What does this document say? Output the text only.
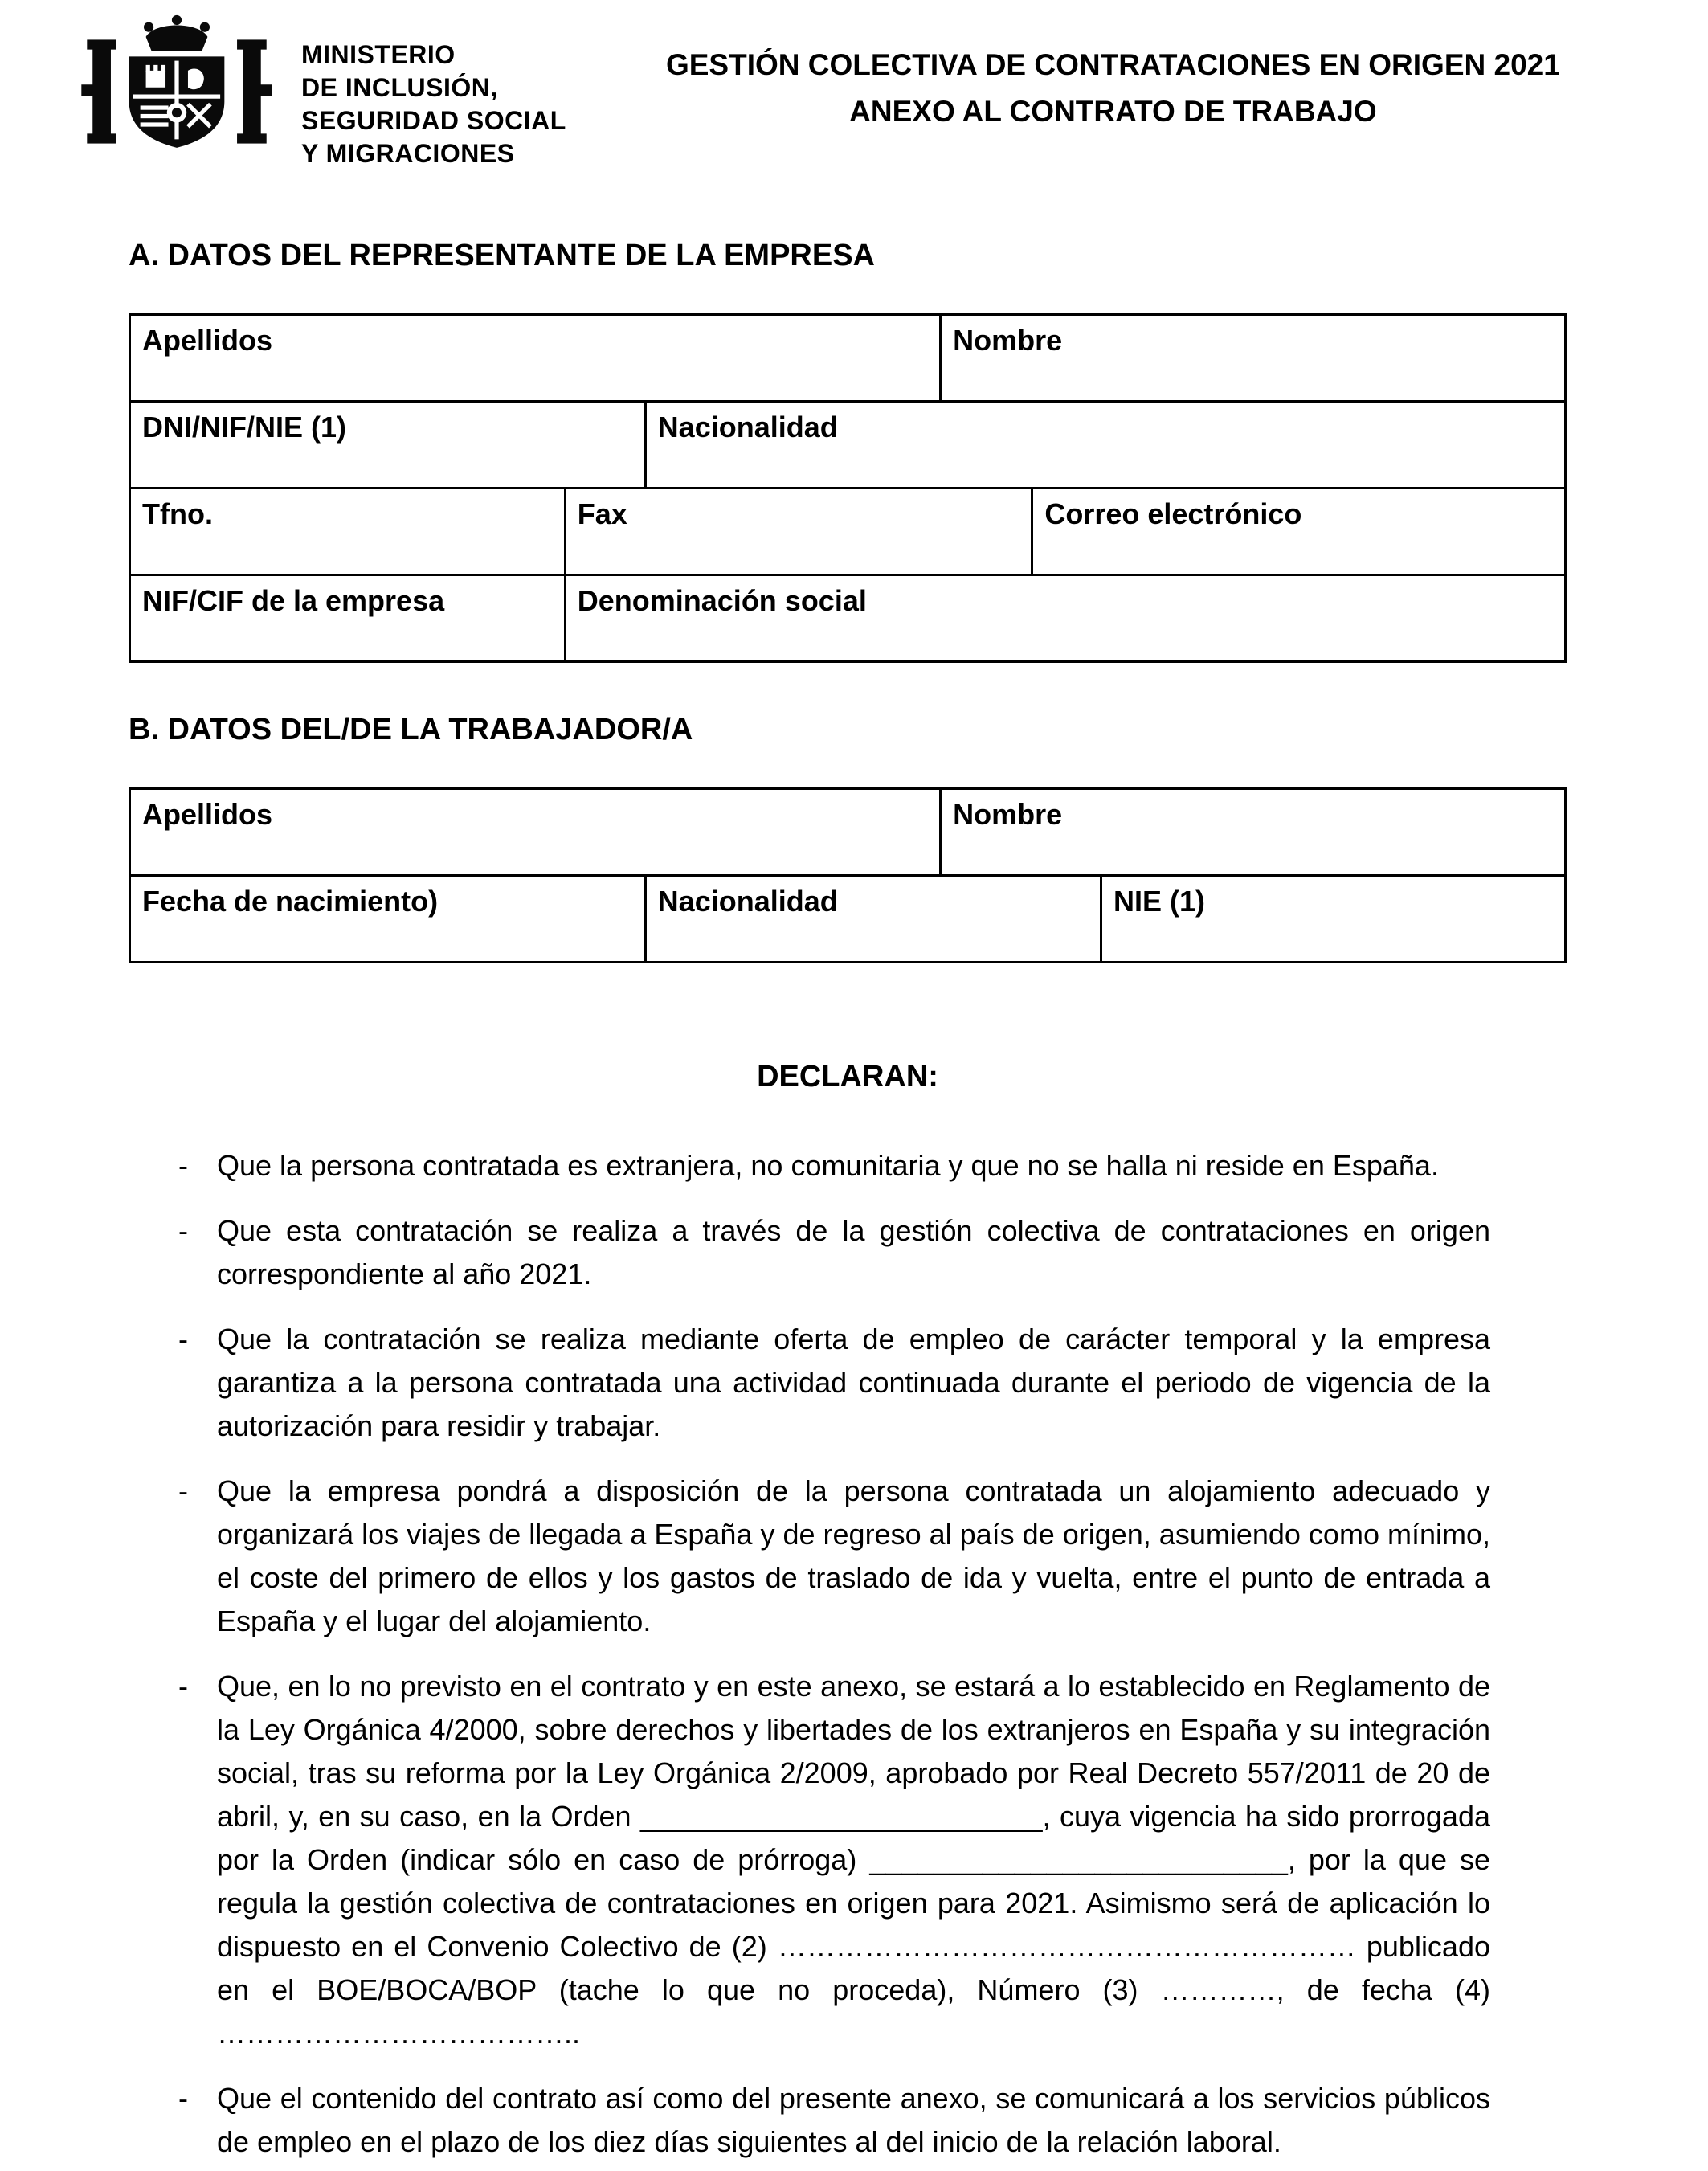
MINISTERIO
DE INCLUSIÓN,
SEGURIDAD SOCIAL
Y MIGRACIONES
GESTIÓN COLECTIVA DE CONTRATACIONES EN ORIGEN 2021
ANEXO AL CONTRATO DE TRABAJO
A. DATOS DEL REPRESENTANTE DE LA EMPRESA
Apellidos	Nombre
DNI/NIF/NIE (1)	Nacionalidad
Tfno.	Fax	Correo electrónico
NIF/CIF de la empresa	Denominación social
B. DATOS DEL/DE LA TRABAJADOR/A
Apellidos	Nombre
Fecha de nacimiento)	Nacionalidad	NIE (1)
DECLARAN:
-	Que la persona contratada es extranjera, no comunitaria y que no se halla ni reside en España.

-	Que esta contratación se realiza a través de la gestión colectiva de contrataciones en origen correspondiente al año 2021.

-	Que la contratación se realiza mediante oferta de empleo de carácter temporal y la empresa garantiza a la persona contratada una actividad continuada durante el periodo de vigencia de la autorización para residir y trabajar.

-	Que la empresa pondrá a disposición de la persona contratada un alojamiento adecuado y organizará los viajes de llegada a España y de regreso al país de origen, asumiendo como mínimo, el coste del primero de ellos y los gastos de traslado de ida y vuelta, entre el punto de entrada a España y el lugar del alojamiento.

-	Que, en lo no previsto en el contrato y en este anexo, se estará a lo establecido en Reglamento de la Ley Orgánica 4/2000, sobre derechos y libertades de los extranjeros en España y su integración social, tras su reforma por la Ley Orgánica 2/2009, aprobado por Real Decreto 557/2011 de 20 de abril, y, en su caso, en la Orden _________________________, cuya vigencia ha sido prorrogada por la Orden (indicar sólo en caso de prórroga) __________________________, por la que se regula la gestión colectiva de contrataciones en origen para 2021. Asimismo será de aplicación lo dispuesto en el Convenio Colectivo de (2) …………………………………………………… publicado en el BOE/BOCA/BOP (tache lo que no proceda), Número (3) …………, de fecha (4) ………………………………..

-	Que el contenido del contrato así como del presente anexo, se comunicará a los servicios públicos de empleo en el plazo de los diez días siguientes al del inicio de la relación laboral.
